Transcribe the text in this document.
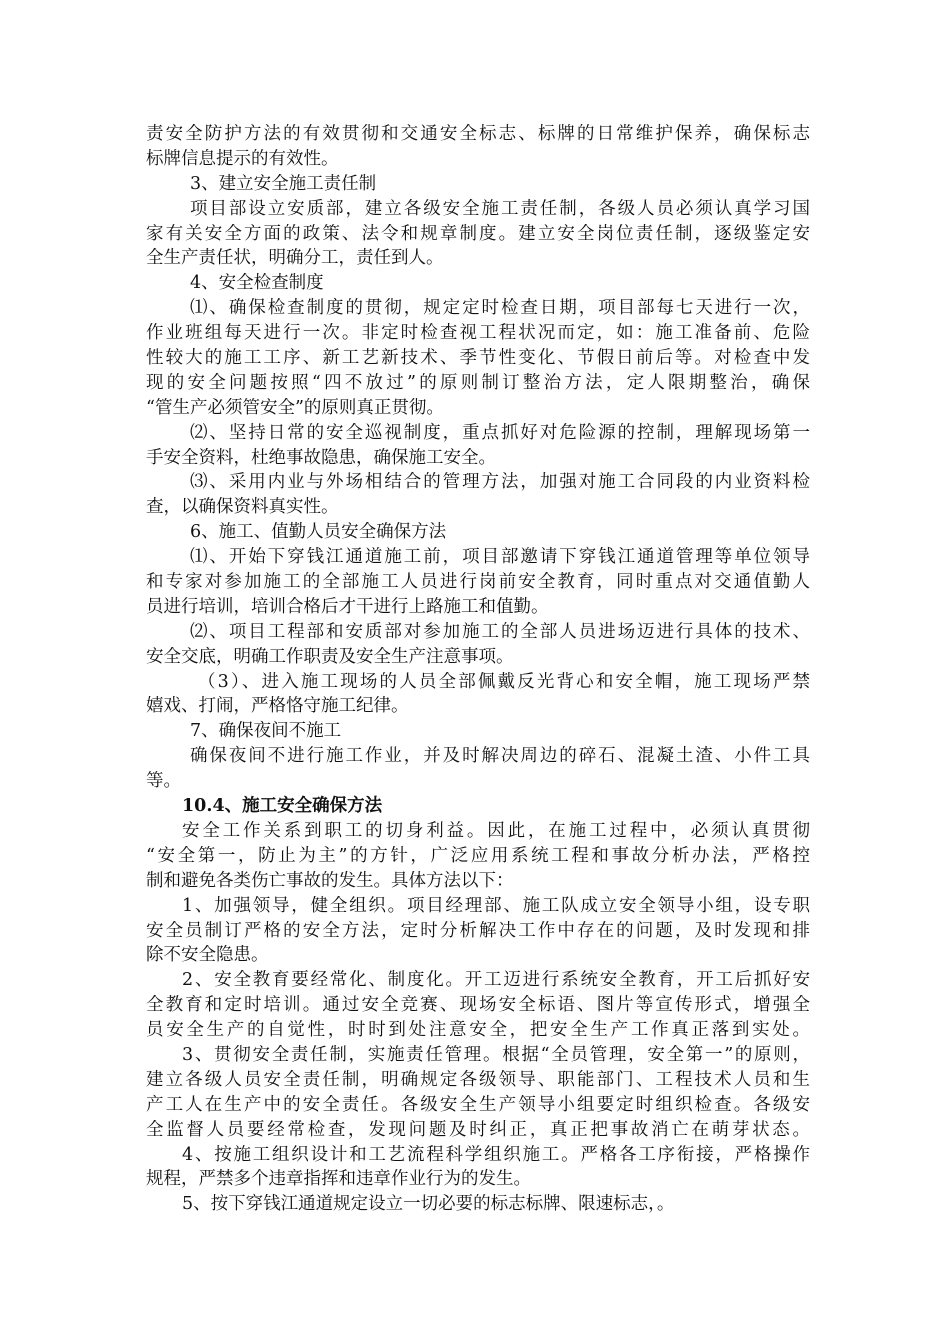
责安全防护方法的有效贯彻和交通安全标志、标牌的日常维护保养，确保标志
标牌信息提示的有效性。
3、建立安全施工责任制
项目部设立安质部，建立各级安全施工责任制，各级人员必须认真学习国
家有关安全方面的政策、法令和规章制度。建立安全岗位责任制，逐级鉴定安
全生产责任状，明确分工，责任到人。
4、安全检查制度
⑴、确保检查制度的贯彻，规定定时检查日期，项目部每七天进行一次，
作业班组每天进行一次。非定时检查视工程状况而定，如：施工准备前、危险
性较大的施工工序、新工艺新技术、季节性变化、节假日前后等。对检查中发
现的安全问题按照“四不放过”的原则制订整治方法，定人限期整治，确保
“管生产必须管安全”的原则真正贯彻。
⑵、坚持日常的安全巡视制度，重点抓好对危险源的控制，理解现场第一
手安全资料，杜绝事故隐患，确保施工安全。
⑶、采用内业与外场相结合的管理方法，加强对施工合同段的内业资料检
查，以确保资料真实性。
6、施工、值勤人员安全确保方法
⑴、开始下穿钱江通道施工前，项目部邀请下穿钱江通道管理等单位领导
和专家对参加施工的全部施工人员进行岗前安全教育，同时重点对交通值勤人
员进行培训，培训合格后才干进行上路施工和值勤。
⑵、项目工程部和安质部对参加施工的全部人员进场迈进行具体的技术、
安全交底，明确工作职责及安全生产注意事项。
（3）、进入施工现场的人员全部佩戴反光背心和安全帽，施工现场严禁
嬉戏、打闹，严格恪守施工纪律。
7、确保夜间不施工
确保夜间不进行施工作业，并及时解决周边的碎石、混凝土渣、小件工具
等。
10.4、施工安全确保方法
安全工作关系到职工的切身利益。因此，在施工过程中，必须认真贯彻
“安全第一，防止为主”的方针，广泛应用系统工程和事故分析办法，严格控
制和避免各类伤亡事故的发生。具体方法以下：
1、加强领导，健全组织。项目经理部、施工队成立安全领导小组，设专职
安全员制订严格的安全方法，定时分析解决工作中存在的问题，及时发现和排
除不安全隐患。
2、安全教育要经常化、制度化。开工迈进行系统安全教育，开工后抓好安
全教育和定时培训。通过安全竞赛、现场安全标语、图片等宣传形式，增强全
员安全生产的自觉性，时时到处注意安全，把安全生产工作真正落到实处。
3、贯彻安全责任制，实施责任管理。根据“全员管理，安全第一”的原则，
建立各级人员安全责任制，明确规定各级领导、职能部门、工程技术人员和生
产工人在生产中的安全责任。各级安全生产领导小组要定时组织检查。各级安
全监督人员要经常检查，发现问题及时纠正，真正把事故消亡在萌芽状态。
4、按施工组织设计和工艺流程科学组织施工。严格各工序衔接，严格操作
规程，严禁多个违章指挥和违章作业行为的发生。
5、按下穿钱江通道规定设立一切必要的标志标牌、限速标志，。
